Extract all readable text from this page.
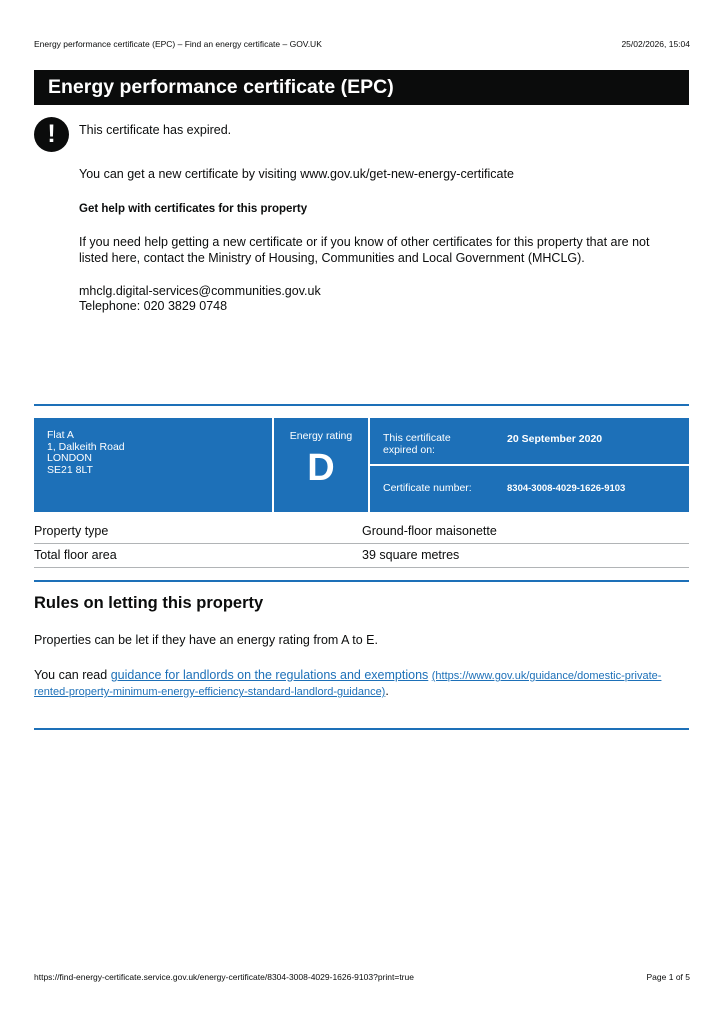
Energy performance certificate (EPC) – Find an energy certificate – GOV.UK	25/02/2026, 15:04
Energy performance certificate (EPC)
!	This certificate has expired.
You can get a new certificate by visiting www.gov.uk/get-new-energy-certificate
Get help with certificates for this property
If you need help getting a new certificate or if you know of other certificates for this property that are not listed here, contact the Ministry of Housing, Communities and Local Government (MHCLG).
mhclg.digital-services@communities.gov.uk
Telephone: 020 3829 0748
Flat A
1, Dalkeith Road
LONDON
SE21 8LT
Energy rating
D
This certificate expired on:
20 September 2020
Certificate number:	8304-3008-4029-1626-9103
Property type	Ground-floor maisonette
Total floor area	39 square metres
Rules on letting this property
Properties can be let if they have an energy rating from A to E.
You can read guidance for landlords on the regulations and exemptions (https://www.gov.uk/guidance/domestic-private-rented-property-minimum-energy-efficiency-standard-landlord-guidance).
https://find-energy-certificate.service.gov.uk/energy-certificate/8304-3008-4029-1626-9103?print=true	Page 1 of 5
